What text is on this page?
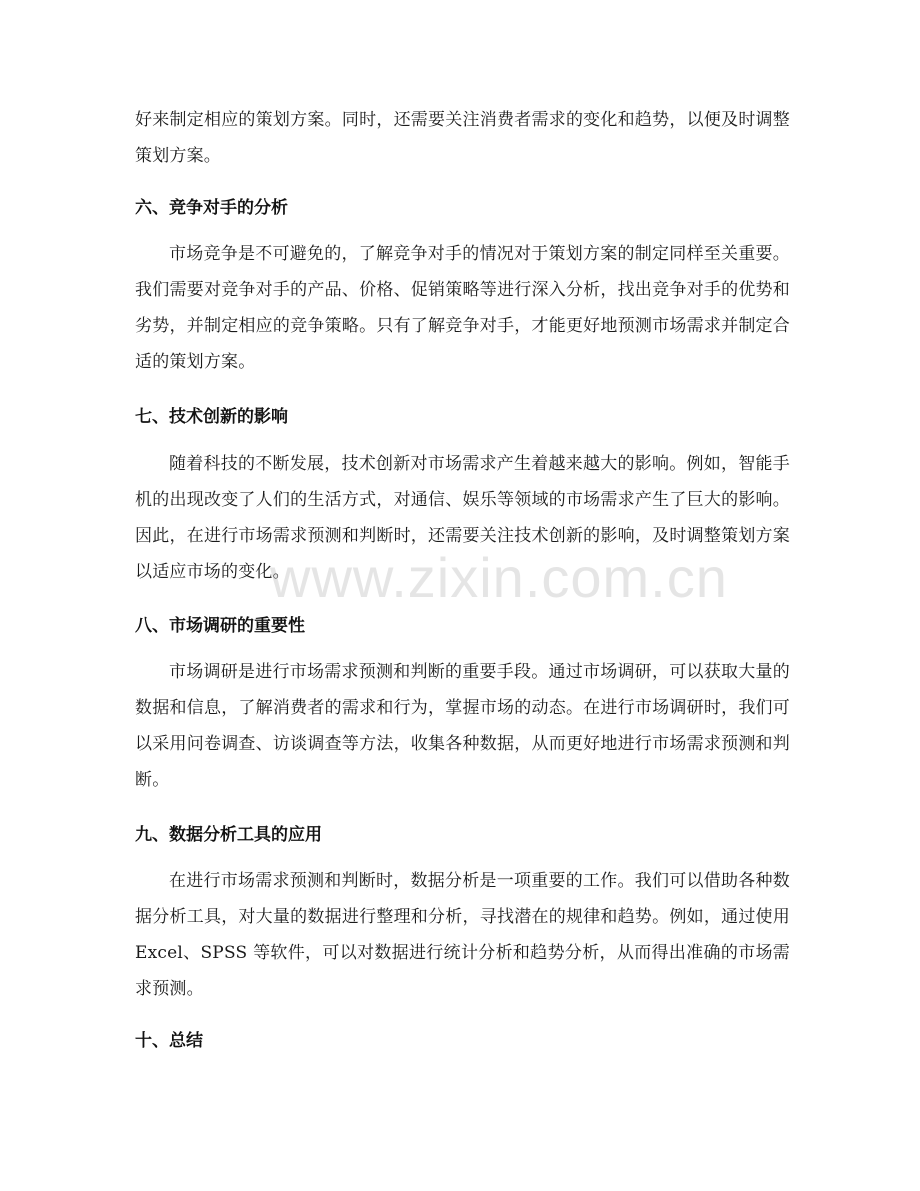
好来制定相应的策划方案。同时，还需要关注消费者需求的变化和趋势，以便及时调整策划方案。

六、竞争对手的分析

市场竞争是不可避免的，了解竞争对手的情况对于策划方案的制定同样至关重要。我们需要对竞争对手的产品、价格、促销策略等进行深入分析，找出竞争对手的优势和劣势，并制定相应的竞争策略。只有了解竞争对手，才能更好地预测市场需求并制定合适的策划方案。

七、技术创新的影响

随着科技的不断发展，技术创新对市场需求产生着越来越大的影响。例如，智能手机的出现改变了人们的生活方式，对通信、娱乐等领域的市场需求产生了巨大的影响。因此，在进行市场需求预测和判断时，还需要关注技术创新的影响，及时调整策划方案以适应市场的变化。

八、市场调研的重要性

市场调研是进行市场需求预测和判断的重要手段。通过市场调研，可以获取大量的数据和信息，了解消费者的需求和行为，掌握市场的动态。在进行市场调研时，我们可以采用问卷调查、访谈调查等方法，收集各种数据，从而更好地进行市场需求预测和判断。

九、数据分析工具的应用

在进行市场需求预测和判断时，数据分析是一项重要的工作。我们可以借助各种数据分析工具，对大量的数据进行整理和分析，寻找潜在的规律和趋势。例如，通过使用 Excel、SPSS 等软件，可以对数据进行统计分析和趋势分析，从而得出准确的市场需求预测。

十、总结
www.zixin.com.cn
